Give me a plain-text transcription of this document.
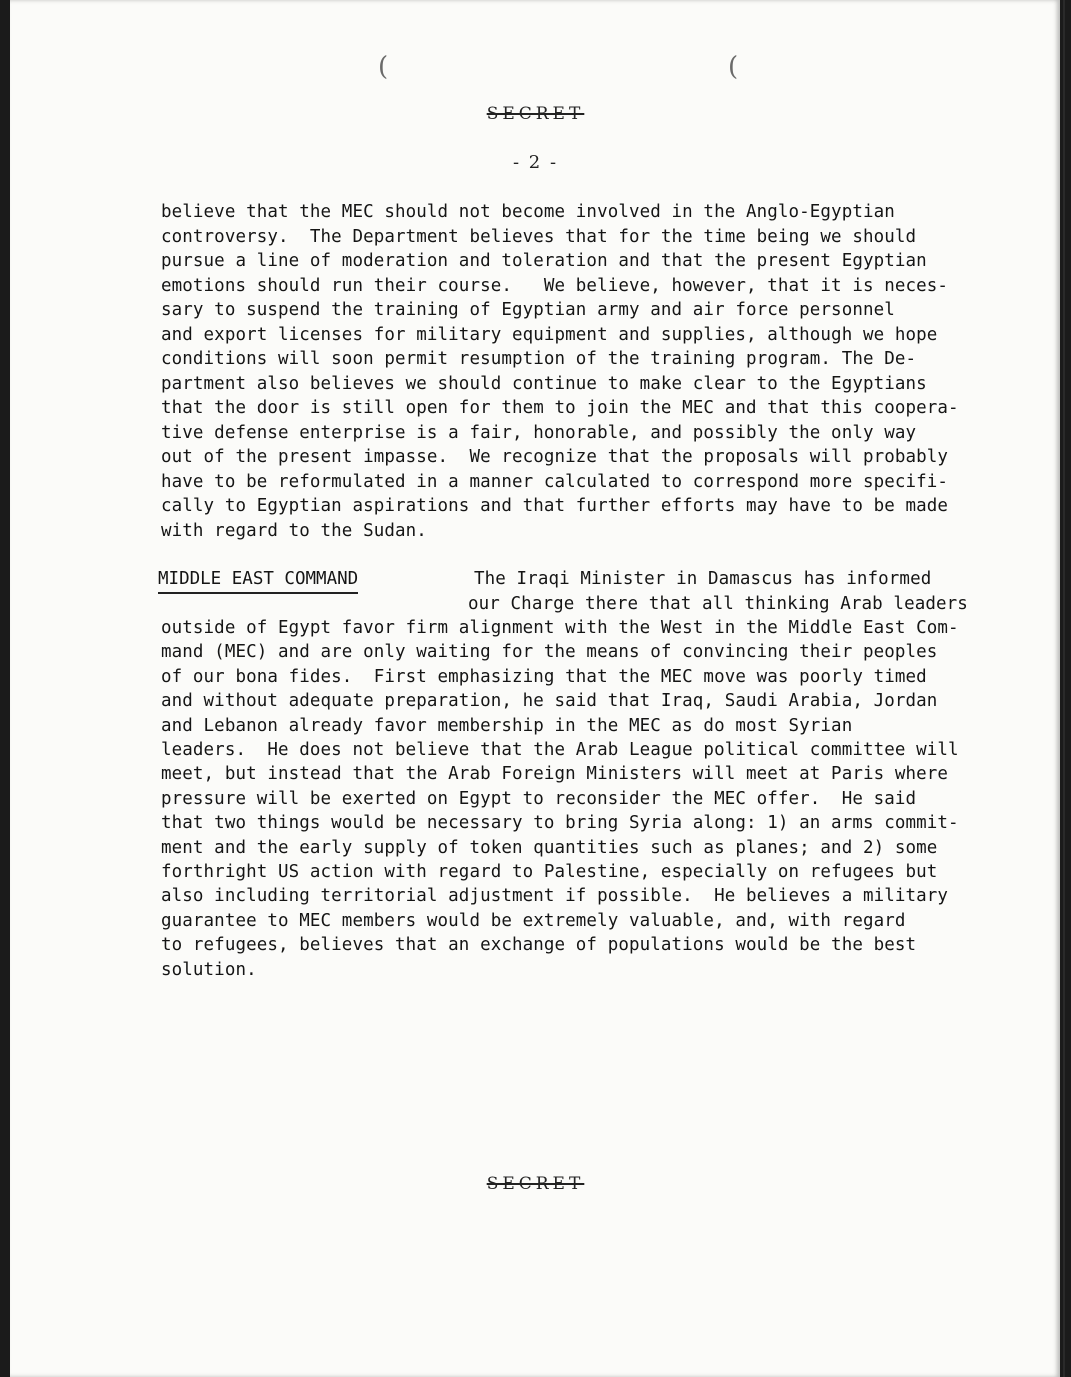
(	(
SECRET
- 2 -
believe that the MEC should not become involved in the Anglo-Egyptian
controversy.  The Department believes that for the time being we should
pursue a line of moderation and toleration and that the present Egyptian
emotions should run their course.   We believe, however, that it is neces-
sary to suspend the training of Egyptian army and air force personnel
and export licenses for military equipment and supplies, although we hope
conditions will soon permit resumption of the training program. The De-
partment also believes we should continue to make clear to the Egyptians
that the door is still open for them to join the MEC and that this coopera-
tive defense enterprise is a fair, honorable, and possibly the only way
out of the present impasse.  We recognize that the proposals will probably
have to be reformulated in a manner calculated to correspond more specifi-
cally to Egyptian aspirations and that further efforts may have to be made
with regard to the Sudan.
MIDDLE EAST COMMAND	The Iraqi Minister in Damascus has informed
our Charge there that all thinking Arab leaders
outside of Egypt favor firm alignment with the West in the Middle East Com-
mand (MEC) and are only waiting for the means of convincing their peoples
of our bona fides.  First emphasizing that the MEC move was poorly timed
and without adequate preparation, he said that Iraq, Saudi Arabia, Jordan
and Lebanon already favor membership in the MEC as do most Syrian
leaders.  He does not believe that the Arab League political committee will
meet, but instead that the Arab Foreign Ministers will meet at Paris where
pressure will be exerted on Egypt to reconsider the MEC offer.  He said
that two things would be necessary to bring Syria along: 1) an arms commit-
ment and the early supply of token quantities such as planes; and 2) some
forthright US action with regard to Palestine, especially on refugees but
also including territorial adjustment if possible.  He believes a military
guarantee to MEC members would be extremely valuable, and, with regard
to refugees, believes that an exchange of populations would be the best
solution.
SECRET
